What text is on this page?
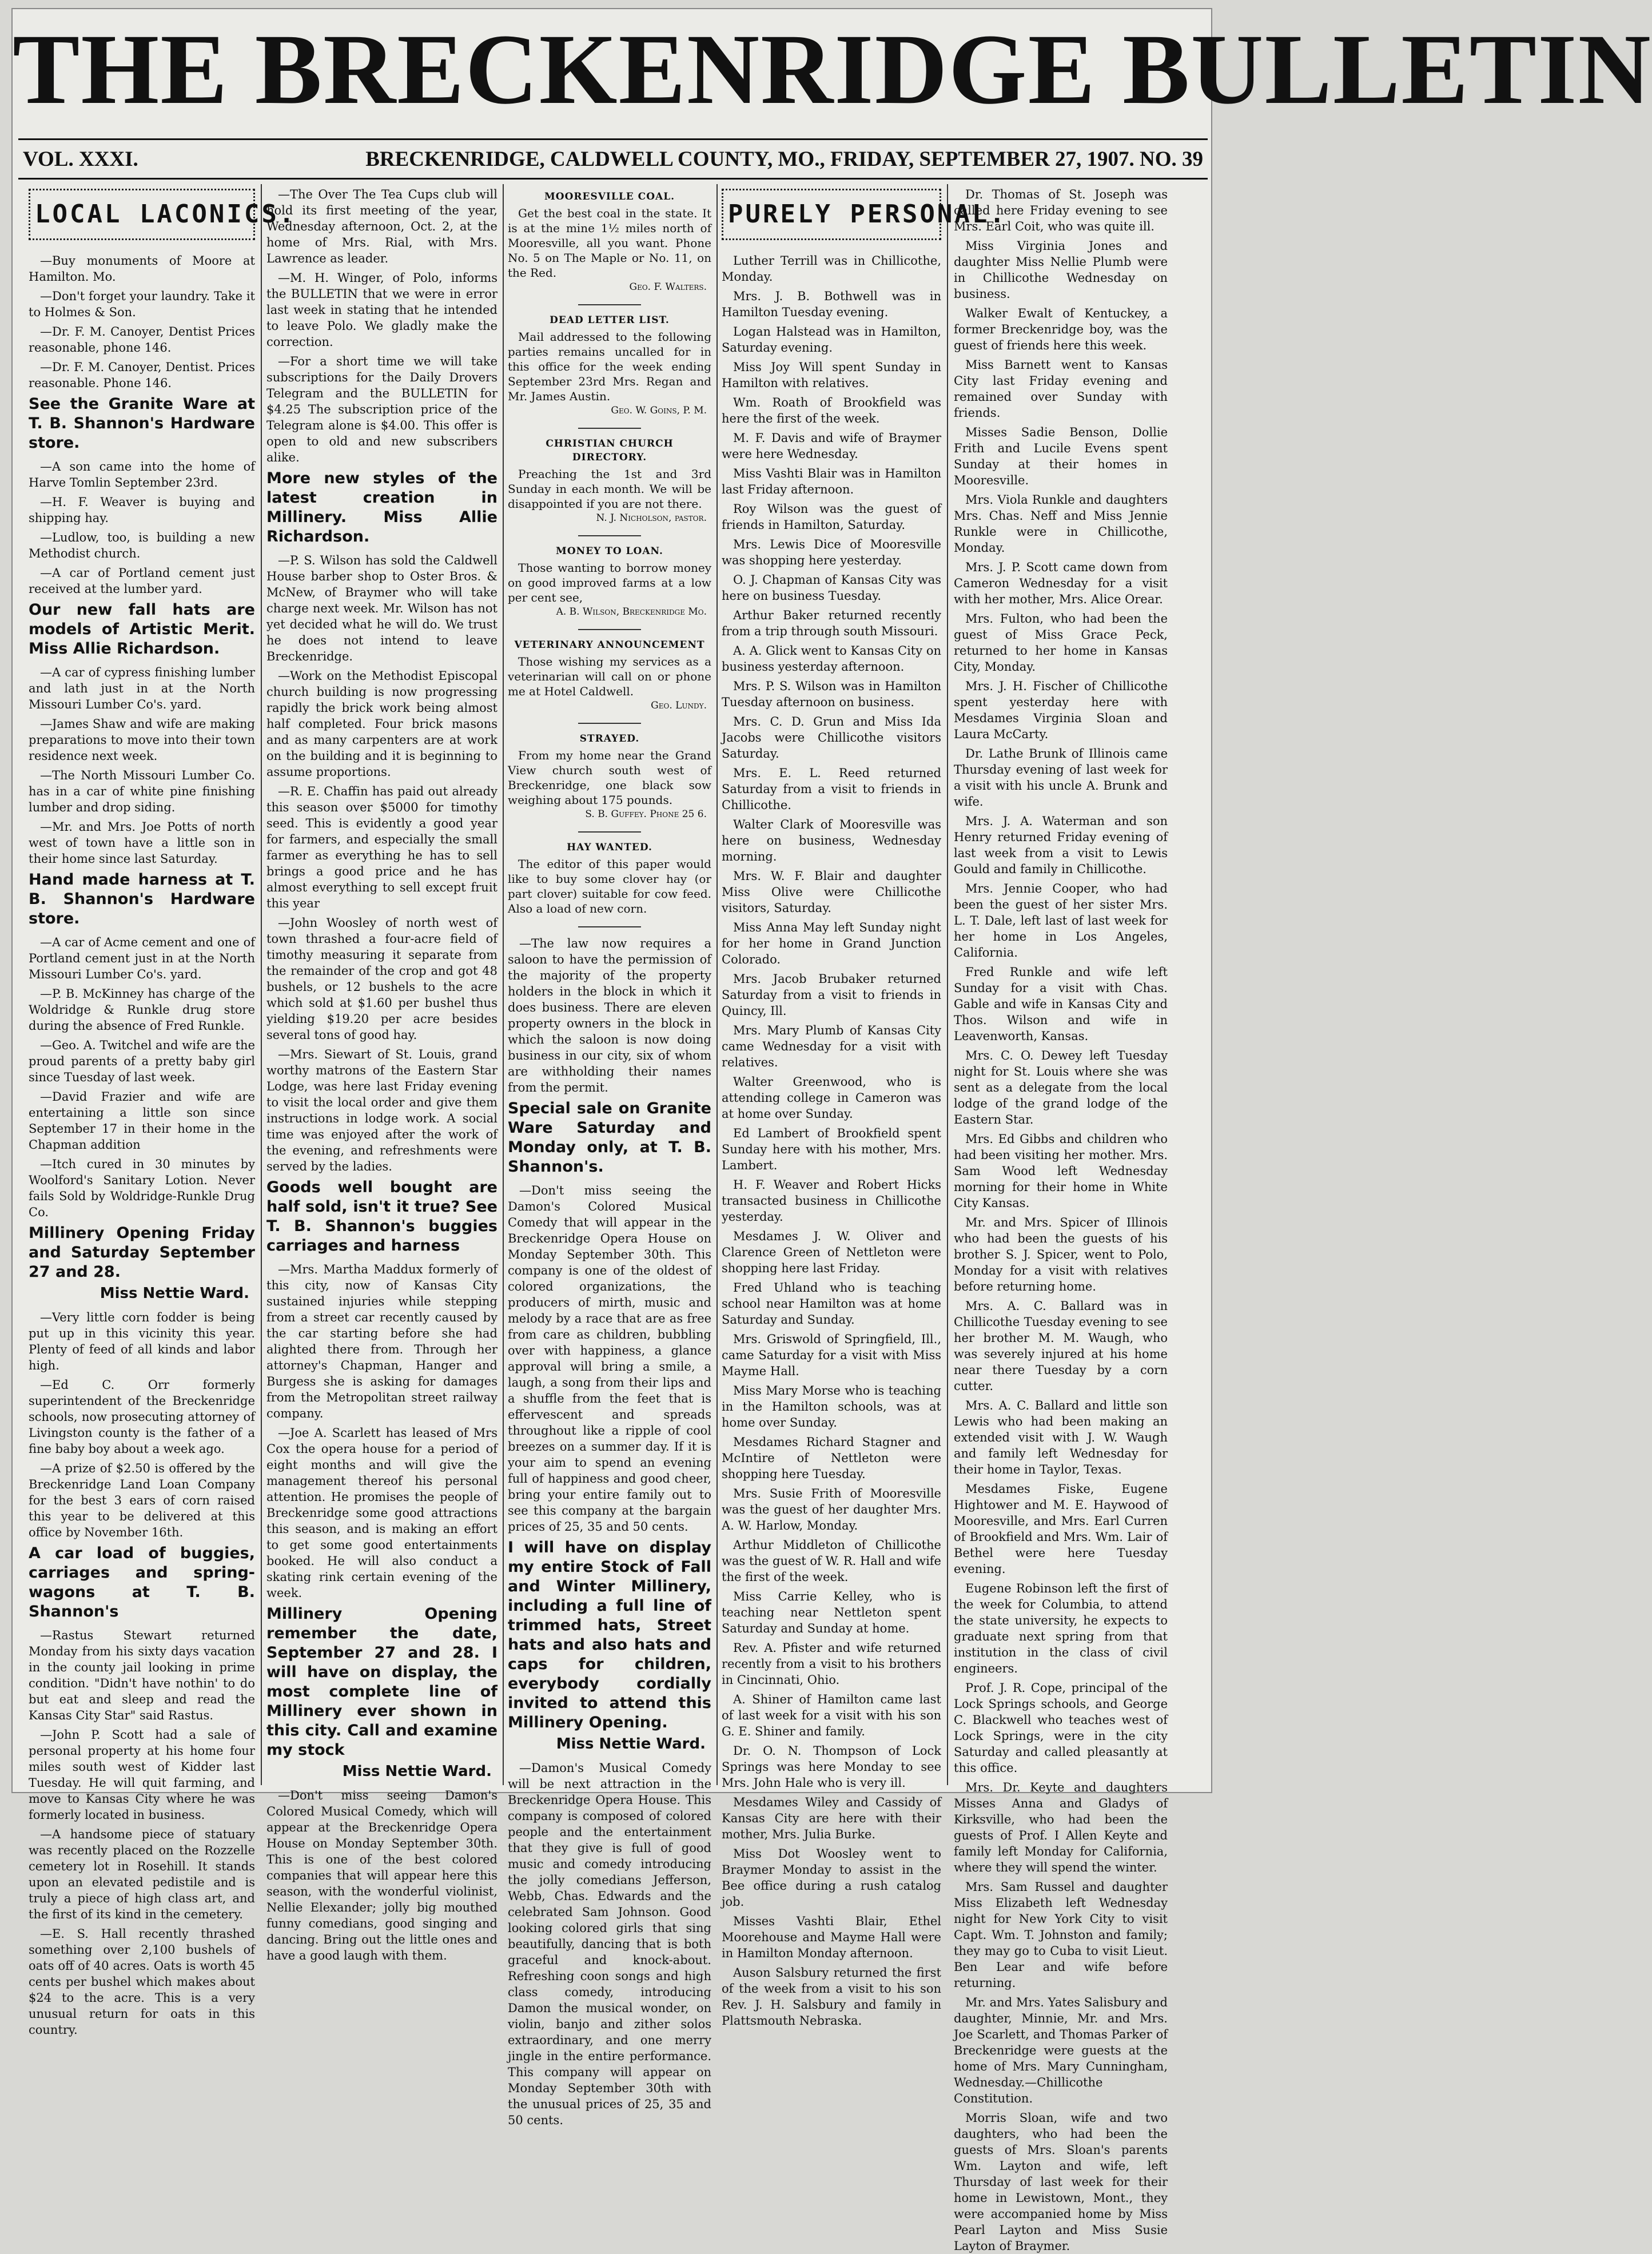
THE BRECKENRIDGE BULLETIN
VOL. XXXI.	BRECKENRIDGE, CALDWELL COUNTY, MO., FRIDAY, SEPTEMBER 27, 1907. NO. 39
LOCAL LACONICS.

—Buy monuments of Moore at Hamilton. Mo.

—Don't forget your laundry. Take it to Holmes & Son.

—Dr. F. M. Canoyer, Dentist Prices reasonable, phone 146.

—Dr. F. M. Canoyer, Dentist. Prices reasonable. Phone 146.

See the Granite Ware at T. B. Shannon's Hardware store.

—A son came into the home of Harve Tomlin September 23rd.

—H. F. Weaver is buying and shipping hay.

—Ludlow, too, is building a new Methodist church.

—A car of Portland cement just received at the lumber yard.

Our new fall hats are models of Artistic Merit. Miss Allie Richardson.

—A car of cypress finishing lumber and lath just in at the North Missouri Lumber Co's. yard.

—James Shaw and wife are making preparations to move into their town residence next week.

—The North Missouri Lumber Co. has in a car of white pine finishing lumber and drop siding.

—Mr. and Mrs. Joe Potts of north west of town have a little son in their home since last Saturday.

Hand made harness at T. B. Shannon's Hardware store.

—A car of Acme cement and one of Portland cement just in at the North Missouri Lumber Co's. yard.

—P. B. McKinney has charge of the Woldridge & Runkle drug store during the absence of Fred Runkle.

—Geo. A. Twitchel and wife are the proud parents of a pretty baby girl since Tuesday of last week.

—David Frazier and wife are entertaining a little son since September 17 in their home in the Chapman addition

—Itch cured in 30 minutes by Woolford's Sanitary Lotion. Never fails Sold by Woldridge-Runkle Drug Co.

Millinery Opening Friday and Saturday September 27 and 28.

Miss Nettie Ward.

—Very little corn fodder is being put up in this vicinity this year. Plenty of feed of all kinds and labor high.

—Ed C. Orr formerly superintendent of the Breckenridge schools, now prosecuting attorney of Livingston county is the father of a fine baby boy about a week ago.

—A prize of $2.50 is offered by the Breckenridge Land Loan Company for the best 3 ears of corn raised this year to be delivered at this office by November 16th.

A car load of buggies, carriages and spring-wagons at T. B. Shannon's

—Rastus Stewart returned Monday from his sixty days vacation in the county jail looking in prime condition. "Didn't have nothin' to do but eat and sleep and read the Kansas City Star" said Rastus.

—John P. Scott had a sale of personal property at his home four miles south west of Kidder last Tuesday. He will quit farming, and move to Kansas City where he was formerly located in business.

—A handsome piece of statuary was recently placed on the Rozzelle cemetery lot in Rosehill. It stands upon an elevated pedistile and is truly a piece of high class art, and the first of its kind in the cemetery.

—E. S. Hall recently thrashed something over 2,100 bushels of oats off of 40 acres. Oats is worth 45 cents per bushel which makes about $24 to the acre. This is a very unusual return for oats in this country.

—The Over The Tea Cups club will hold its first meeting of the year, Wednesday afternoon, Oct. 2, at the home of Mrs. Rial, with Mrs. Lawrence as leader.

—M. H. Winger, of Polo, informs the BULLETIN that we were in error last week in stating that he intended to leave Polo. We gladly make the correction.

—For a short time we will take subscriptions for the Daily Drovers Telegram and the BULLETIN for $4.25 The subscription price of the Telegram alone is $4.00. This offer is open to old and new subscribers alike.

More new styles of the latest creation in Millinery. Miss Allie Richardson.

—P. S. Wilson has sold the Caldwell House barber shop to Oster Bros. & McNew, of Braymer who will take charge next week. Mr. Wilson has not yet decided what he will do. We trust he does not intend to leave Breckenridge.

—Work on the Methodist Episcopal church building is now progressing rapidly the brick work being almost half completed. Four brick masons and as many carpenters are at work on the building and it is beginning to assume proportions.

—R. E. Chaffin has paid out already this season over $5000 for timothy seed. This is evidently a good year for farmers, and especially the small farmer as everything he has to sell brings a good price and he has almost everything to sell except fruit this year

—John Woosley of north west of town thrashed a four-acre field of timothy measuring it separate from the remainder of the crop and got 48 bushels, or 12 bushels to the acre which sold at $1.60 per bushel thus yielding $19.20 per acre besides several tons of good hay.

—Mrs. Siewart of St. Louis, grand worthy matrons of the Eastern Star Lodge, was here last Friday evening to visit the local order and give them instructions in lodge work. A social time was enjoyed after the work of the evening, and refreshments were served by the ladies.

Goods well bought are half sold, isn't it true? See T. B. Shannon's buggies carriages and harness

—Mrs. Martha Maddux formerly of this city, now of Kansas City sustained injuries while stepping from a street car recently caused by the car starting before she had alighted there from. Through her attorney's Chapman, Hanger and Burgess she is asking for damages from the Metropolitan street railway company.

—Joe A. Scarlett has leased of Mrs Cox the opera house for a period of eight months and will give the management thereof his personal attention. He promises the people of Breckenridge some good attractions this season, and is making an effort to get some good entertainments booked. He will also conduct a skating rink certain evening of the week.

Millinery Opening remember the date, September 27 and 28. I will have on display, the most complete line of Millinery ever shown in this city. Call and examine my stock

Miss Nettie Ward.

—Don't miss seeing Damon's Colored Musical Comedy, which will appear at the Breckenridge Opera House on Monday September 30th. This is one of the best colored companies that will appear here this season, with the wonderful violinist, Nellie Elexander; jolly big mouthed funny comedians, good singing and dancing. Bring out the little ones and have a good laugh with them.

MOORESVILLE COAL.
Get the best coal in the state. It is at the mine 1½ miles north of Mooresville, all you want. Phone No. 5 on The Maple or No. 11, on the Red.
Geo. F. Walters.
DEAD LETTER LIST.
Mail addressed to the following parties remains uncalled for in this office for the week ending September 23rd Mrs. Regan and Mr. James Austin.
Geo. W. Goins, P. M.
CHRISTIAN CHURCH DIRECTORY.
Preaching the 1st and 3rd Sunday in each month. We will be disappointed if you are not there.
N. J. Nicholson, pastor.
MONEY TO LOAN.
Those wanting to borrow money on good improved farms at a low per cent see,
A. B. Wilson, Breckenridge Mo.
VETERINARY ANNOUNCEMENT
Those wishing my services as a veterinarian will call on or phone me at Hotel Caldwell.
Geo. Lundy.
STRAYED.
From my home near the Grand View church south west of Breckenridge, one black sow weighing about 175 pounds.
S. B. Guffey. Phone 25 6.
HAY WANTED.
The editor of this paper would like to buy some clover hay (or part clover) suitable for cow feed. Also a load of new corn.

—The law now requires a saloon to have the permission of the majority of the property holders in the block in which it does business. There are eleven property owners in the block in which the saloon is now doing business in our city, six of whom are withholding their names from the permit.

Special sale on Granite Ware Saturday and Monday only, at T. B. Shannon's.

—Don't miss seeing the Damon's Colored Musical Comedy that will appear in the Breckenridge Opera House on Monday September 30th. This company is one of the oldest of colored organizations, the producers of mirth, music and melody by a race that are as free from care as children, bubbling over with happiness, a glance approval will bring a smile, a laugh, a song from their lips and a shuffle from the feet that is effervescent and spreads throughout like a ripple of cool breezes on a summer day. If it is your aim to spend an evening full of happiness and good cheer, bring your entire family out to see this company at the bargain prices of 25, 35 and 50 cents.

I will have on display my entire Stock of Fall and Winter Millinery, including a full line of trimmed hats, Street hats and also hats and caps for children, everybody cordially invited to attend this Millinery Opening.

Miss Nettie Ward.

—Damon's Musical Comedy will be next attraction in the Breckenridge Opera House. This company is composed of colored people and the entertainment that they give is full of good music and comedy introducing the jolly comedians Jefferson, Webb, Chas. Edwards and the celebrated Sam Johnson. Good looking colored girls that sing beautifully, dancing that is both graceful and knock-about. Refreshing coon songs and high class comedy, introducing Damon the musical wonder, on violin, banjo and zither solos extraordinary, and one merry jingle in the entire performance. This company will appear on Monday September 30th with the unusual prices of 25, 35 and 50 cents.

PURELY PERSONAL.

Luther Terrill was in Chillicothe, Monday.

Mrs. J. B. Bothwell was in Hamilton Tuesday evening.

Logan Halstead was in Hamilton, Saturday evening.

Miss Joy Will spent Sunday in Hamilton with relatives.

Wm. Roath of Brookfield was here the first of the week.

M. F. Davis and wife of Braymer were here Wednesday.

Miss Vashti Blair was in Hamilton last Friday afternoon.

Roy Wilson was the guest of friends in Hamilton, Saturday.

Mrs. Lewis Dice of Mooresville was shopping here yesterday.

O. J. Chapman of Kansas City was here on business Tuesday.

Arthur Baker returned recently from a trip through south Missouri.

A. A. Glick went to Kansas City on business yesterday afternoon.

Mrs. P. S. Wilson was in Hamilton Tuesday afternoon on business.

Mrs. C. D. Grun and Miss Ida Jacobs were Chillicothe visitors Saturday.

Mrs. E. L. Reed returned Saturday from a visit to friends in Chillicothe.

Walter Clark of Mooresville was here on business, Wednesday morning.

Mrs. W. F. Blair and daughter Miss Olive were Chillicothe visitors, Saturday.

Miss Anna May left Sunday night for her home in Grand Junction Colorado.

Mrs. Jacob Brubaker returned Saturday from a visit to friends in Quincy, Ill.

Mrs. Mary Plumb of Kansas City came Wednesday for a visit with relatives.

Walter Greenwood, who is attending college in Cameron was at home over Sunday.

Ed Lambert of Brookfield spent Sunday here with his mother, Mrs. Lambert.

H. F. Weaver and Robert Hicks transacted business in Chillicothe yesterday.

Mesdames J. W. Oliver and Clarence Green of Nettleton were shopping here last Friday.

Fred Uhland who is teaching school near Hamilton was at home Saturday and Sunday.

Mrs. Griswold of Springfield, Ill., came Saturday for a visit with Miss Mayme Hall.

Miss Mary Morse who is teaching in the Hamilton schools, was at home over Sunday.

Mesdames Richard Stagner and McIntire of Nettleton were shopping here Tuesday.

Mrs. Susie Frith of Mooresville was the guest of her daughter Mrs. A. W. Harlow, Monday.

Arthur Middleton of Chillicothe was the guest of W. R. Hall and wife the first of the week.

Miss Carrie Kelley, who is teaching near Nettleton spent Saturday and Sunday at home.

Rev. A. Pfister and wife returned recently from a visit to his brothers in Cincinnati, Ohio.

A. Shiner of Hamilton came last of last week for a visit with his son G. E. Shiner and family.

Dr. O. N. Thompson of Lock Springs was here Monday to see Mrs. John Hale who is very ill.

Mesdames Wiley and Cassidy of Kansas City are here with their mother, Mrs. Julia Burke.

Miss Dot Woosley went to Braymer Monday to assist in the Bee office during a rush catalog job.

Misses Vashti Blair, Ethel Moorehouse and Mayme Hall were in Hamilton Monday afternoon.

Auson Salsbury returned the first of the week from a visit to his son Rev. J. H. Salsbury and family in Plattsmouth Nebraska.

Dr. Thomas of St. Joseph was called here Friday evening to see Mrs. Earl Coit, who was quite ill.

Miss Virginia Jones and daughter Miss Nellie Plumb were in Chillicothe Wednesday on business.

Walker Ewalt of Kentuckey, a former Breckenridge boy, was the guest of friends here this week.

Miss Barnett went to Kansas City last Friday evening and remained over Sunday with friends.

Misses Sadie Benson, Dollie Frith and Lucile Evens spent Sunday at their homes in Mooresville.

Mrs. Viola Runkle and daughters Mrs. Chas. Neff and Miss Jennie Runkle were in Chillicothe, Monday.

Mrs. J. P. Scott came down from Cameron Wednesday for a visit with her mother, Mrs. Alice Orear.

Mrs. Fulton, who had been the guest of Miss Grace Peck, returned to her home in Kansas City, Monday.

Mrs. J. H. Fischer of Chillicothe spent yesterday here with Mesdames Virginia Sloan and Laura McCarty.

Dr. Lathe Brunk of Illinois came Thursday evening of last week for a visit with his uncle A. Brunk and wife.

Mrs. J. A. Waterman and son Henry returned Friday evening of last week from a visit to Lewis Gould and family in Chillicothe.

Mrs. Jennie Cooper, who had been the guest of her sister Mrs. L. T. Dale, left last of last week for her home in Los Angeles, California.

Fred Runkle and wife left Sunday for a visit with Chas. Gable and wife in Kansas City and Thos. Wilson and wife in Leavenworth, Kansas.

Mrs. C. O. Dewey left Tuesday night for St. Louis where she was sent as a delegate from the local lodge of the grand lodge of the Eastern Star.

Mrs. Ed Gibbs and children who had been visiting her mother. Mrs. Sam Wood left Wednesday morning for their home in White City Kansas.

Mr. and Mrs. Spicer of Illinois who had been the guests of his brother S. J. Spicer, went to Polo, Monday for a visit with relatives before returning home.

Mrs. A. C. Ballard was in Chillicothe Tuesday evening to see her brother M. M. Waugh, who was severely injured at his home near there Tuesday by a corn cutter.

Mrs. A. C. Ballard and little son Lewis who had been making an extended visit with J. W. Waugh and family left Wednesday for their home in Taylor, Texas.

Mesdames Fiske, Eugene Hightower and M. E. Haywood of Mooresville, and Mrs. Earl Curren of Brookfield and Mrs. Wm. Lair of Bethel were here Tuesday evening.

Eugene Robinson left the first of the week for Columbia, to attend the state university, he expects to graduate next spring from that institution in the class of civil engineers.

Prof. J. R. Cope, principal of the Lock Springs schools, and George C. Blackwell who teaches west of Lock Springs, were in the city Saturday and called pleasantly at this office.

Mrs. Dr. Keyte and daughters Misses Anna and Gladys of Kirksville, who had been the guests of Prof. I Allen Keyte and family left Monday for California, where they will spend the winter.

Mrs. Sam Russel and daughter Miss Elizabeth left Wednesday night for New York City to visit Capt. Wm. T. Johnston and family; they may go to Cuba to visit Lieut. Ben Lear and wife before returning.

Mr. and Mrs. Yates Salisbury and daughter, Minnie, Mr. and Mrs. Joe Scarlett, and Thomas Parker of Breckenridge were guests at the home of Mrs. Mary Cunningham, Wednesday.—Chillicothe Constitution.

Morris Sloan, wife and two daughters, who had been the guests of Mrs. Sloan's parents Wm. Layton and wife, left Thursday of last week for their home in Lewistown, Mont., they were accompanied home by Miss Pearl Layton and Miss Susie Layton of Braymer.
